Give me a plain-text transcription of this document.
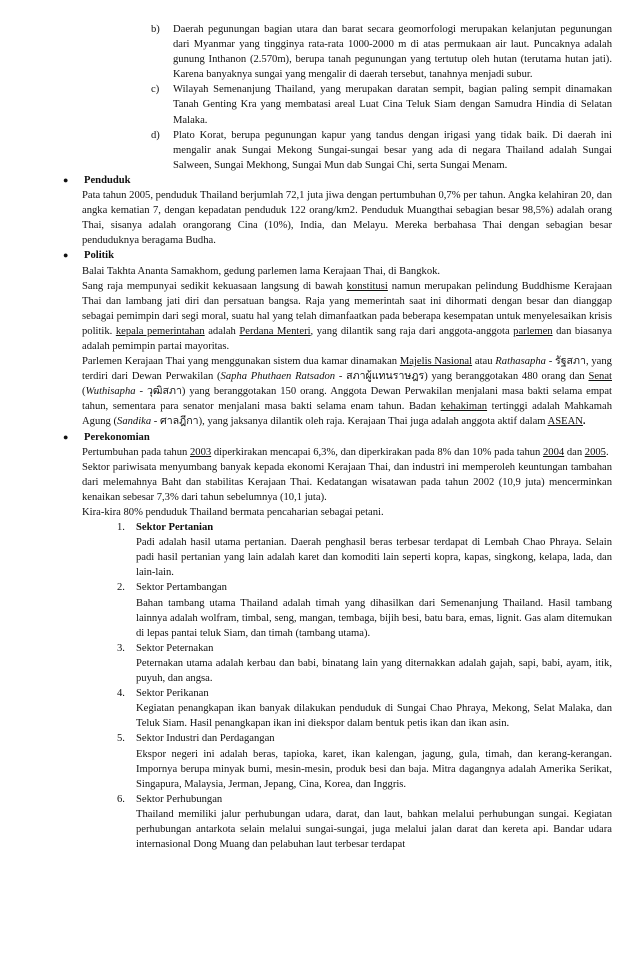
b)	Daerah pegunungan bagian utara dan barat secara geomorfologi merupakan kelanjutan pegunungan dari Myanmar yang tingginya rata-rata 1000-2000 m di atas permukaan air laut. Puncaknya adalah gunung Inthanon (2.570m), berupa tanah pegunungan yang tertutup oleh hutan (terutama hutan jati). Karena banyaknya sungai yang mengalir di daerah tersebut, tanahnya menjadi subur.
c)	Wilayah Semenanjung Thailand, yang merupakan daratan sempit, bagian paling sempit dinamakan Tanah Genting Kra yang membatasi areal Luat Cina Teluk Siam dengan Samudra Hindia di Selatan Malaka.
d)	Plato Korat, berupa pegunungan kapur yang tandus dengan irigasi yang tidak baik. Di daerah ini mengalir anak Sungai Mekong Sungai-sungai besar yang ada di negara Thailand adalah Sungai Salween, Sungai Mekhong, Sungai Mun dab Sungai Chi, serta Sungai Menam.
●	Penduduk

Pata tahun 2005, penduduk Thailand berjumlah 72,1 juta jiwa dengan pertumbuhan 0,7% per tahun. Angka kelahiran 20, dan angka kematian 7, dengan kepadatan penduduk 122 orang/km2. Penduduk Muangthai sebagian besar 98,5%) adalah orang Thai, sisanya adalah orangorang Cina (10%), India, dan Melayu. Mereka berbahasa Thai dengan sebagian besar penduduknya beragama Budha.

●	Politik

Balai Takhta Ananta Samakhom, gedung parlemen lama Kerajaan Thai, di Bangkok.

Sang raja mempunyai sedikit kekuasaan langsung di bawah konstitusi namun merupakan pelindung Buddhisme Kerajaan Thai dan lambang jati diri dan persatuan bangsa. Raja yang memerintah saat ini dihormati dengan besar dan dianggap sebagai pemimpin dari segi moral, suatu hal yang telah dimanfaatkan pada beberapa kesempatan untuk menyelesaikan krisis politik. kepala pemerintahan adalah Perdana Menteri, yang dilantik sang raja dari anggota-anggota parlemen dan biasanya adalah pemimpin partai mayoritas.

Parlemen Kerajaan Thai yang menggunakan sistem dua kamar dinamakan Majelis Nasional atau Rathasapha - รัฐสภา, yang terdiri dari Dewan Perwakilan (Sapha Phuthaen Ratsadon - สภาผู้แทนราษฎร) yang beranggotakan 480 orang dan Senat (Wuthisapha - วุฒิสภา) yang beranggotakan 150 orang. Anggota Dewan Perwakilan menjalani masa bakti selama empat tahun, sementara para senator menjalani masa bakti selama enam tahun. Badan kehakiman tertinggi adalah Mahkamah Agung (Sandika - ศาลฎีกา), yang jaksanya dilantik oleh raja. Kerajaan Thai juga adalah anggota aktif dalam ASEAN.

●	Perekonomian

Pertumbuhan pada tahun 2003 diperkirakan mencapai 6,3%, dan diperkirakan pada 8% dan 10% pada tahun 2004 dan 2005.

Sektor pariwisata menyumbang banyak kepada ekonomi Kerajaan Thai, dan industri ini memperoleh keuntungan tambahan dari melemahnya Baht dan stabilitas Kerajaan Thai. Kedatangan wisatawan pada tahun 2002 (10,9 juta) mencerminkan kenaikan sebesar 7,3% dari tahun sebelumnya (10,1 juta).

Kira-kira 80% penduduk Thailand bermata pencaharian sebagai petani.

1.	Sektor Pertanian
Padi adalah hasil utama pertanian. Daerah penghasil beras terbesar terdapat di Lembah Chao Phraya. Selain padi hasil pertanian yang lain adalah karet dan komoditi lain seperti kopra, kapas, singkong, kelapa, lada, dan lain-lain.
2.	Sektor Pertambangan
Bahan tambang utama Thailand adalah timah yang dihasilkan dari Semenanjung Thailand. Hasil tambang lainnya adalah wolfram, timbal, seng, mangan, tembaga, bijih besi, batu bara, emas, lignit. Gas alam ditemukan di lepas pantai teluk Siam, dan timah (tambang utama).
3.	Sektor Peternakan
Peternakan utama adalah kerbau dan babi, binatang lain yang diternakkan adalah gajah, sapi, babi, ayam, itik, puyuh, dan angsa.
4.	Sektor Perikanan
Kegiatan penangkapan ikan banyak dilakukan penduduk di Sungai Chao Phraya, Mekong, Selat Malaka, dan Teluk Siam. Hasil penangkapan ikan ini diekspor dalam bentuk petis ikan dan ikan asin.
5.	Sektor Industri dan Perdagangan
Ekspor negeri ini adalah beras, tapioka, karet, ikan kalengan, jagung, gula, timah, dan kerang-kerangan. Impornya berupa minyak bumi, mesin-mesin, produk besi dan baja. Mitra dagangnya adalah Amerika Serikat, Singapura, Malaysia, Jerman, Jepang, Cina, Korea, dan Inggris.
6.	Sektor Perhubungan
Thailand memiliki jalur perhubungan udara, darat, dan laut, bahkan melalui perhubungan sungai. Kegiatan perhubungan antarkota selain melalui sungai-sungai, juga melalui jalan darat dan kereta api. Bandar udara internasional Dong Muang dan pelabuhan laut terbesar terdapat
